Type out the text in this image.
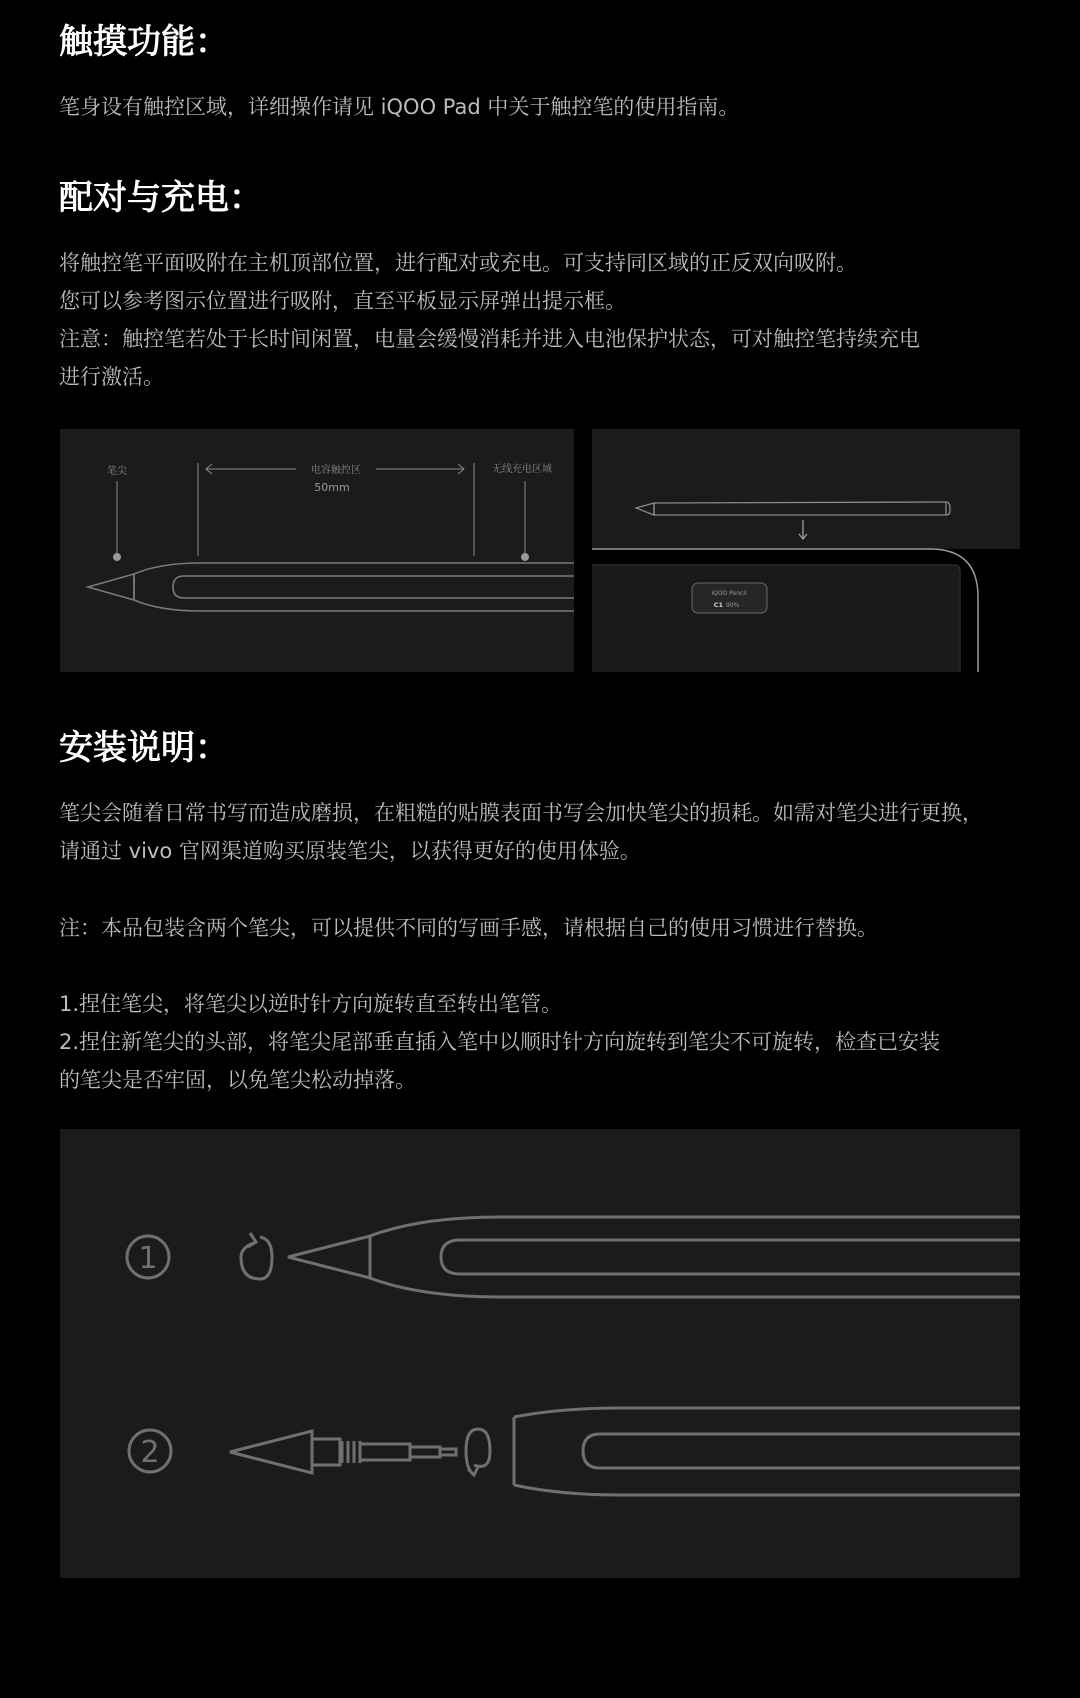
触摸功能：

笔身设有触控区域，详细操作请见 iQOO Pad 中关于触控笔的使用指南。

配对与充电：

将触控笔平面吸附在主机顶部位置，进行配对或充电。可支持同区域的正反双向吸附。

您可以参考图示位置进行吸附，直至平板显示屏弹出提示框。

注意：触控笔若处于长时间闲置，电量会缓慢消耗并进入电池保护状态，可对触控笔持续充电

进行激活。

笔尖	电容触控区
50mm
无线充电区域
iQOO Pencil
C1 90%
安装说明：

笔尖会随着日常书写而造成磨损，在粗糙的贴膜表面书写会加快笔尖的损耗。如需对笔尖进行更换，

请通过 vivo 官网渠道购买原装笔尖，以获得更好的使用体验。

注：本品包装含两个笔尖，可以提供不同的写画手感，请根据自己的使用习惯进行替换。

1.捏住笔尖，将笔尖以逆时针方向旋转直至转出笔管。

2.捏住新笔尖的头部，将笔尖尾部垂直插入笔中以顺时针方向旋转到笔尖不可旋转，检查已安装

的笔尖是否牢固，以免笔尖松动掉落。

1
2
